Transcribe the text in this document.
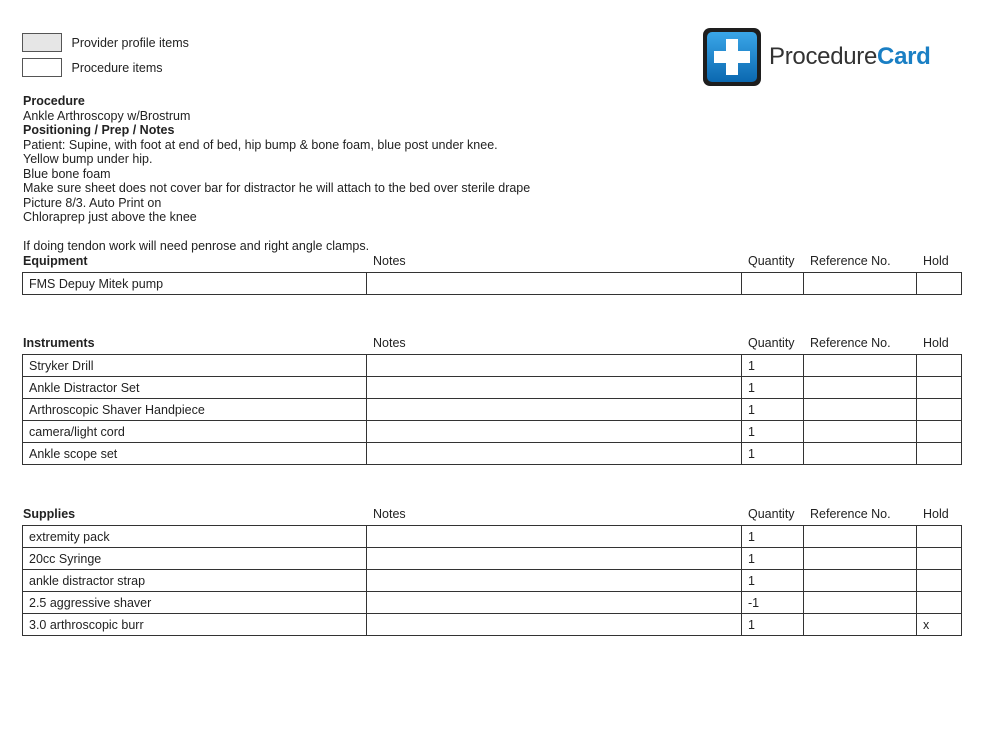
Provider profile items
Procedure items	ProcedureCard
Procedure
Ankle Arthroscopy w/Brostrum
Positioning / Prep / Notes
Patient: Supine, with foot at end of bed, hip bump & bone foam, blue post under knee.
Yellow bump under hip.
Blue bone foam
Make sure sheet does not cover bar for distractor he will attach to the bed over sterile drape
Picture 8/3. Auto Print on
Chloraprep just above the knee
If doing tendon work will need penrose and right angle clamps.
Equipment	Notes	Quantity Reference No.	Hold
FMS Depuy Mitek pump				
Instruments	Notes	Quantity Reference No.	Hold
Stryker Drill		1		
Ankle Distractor Set		1		
Arthroscopic Shaver Handpiece		1		
camera/light cord		1		
Ankle scope set		1		
Supplies	Notes	Quantity Reference No.	Hold
extremity pack		1		
20cc Syringe		1		
ankle distractor strap		1		
2.5 aggressive shaver		-1		
3.0 arthroscopic burr		1		x
